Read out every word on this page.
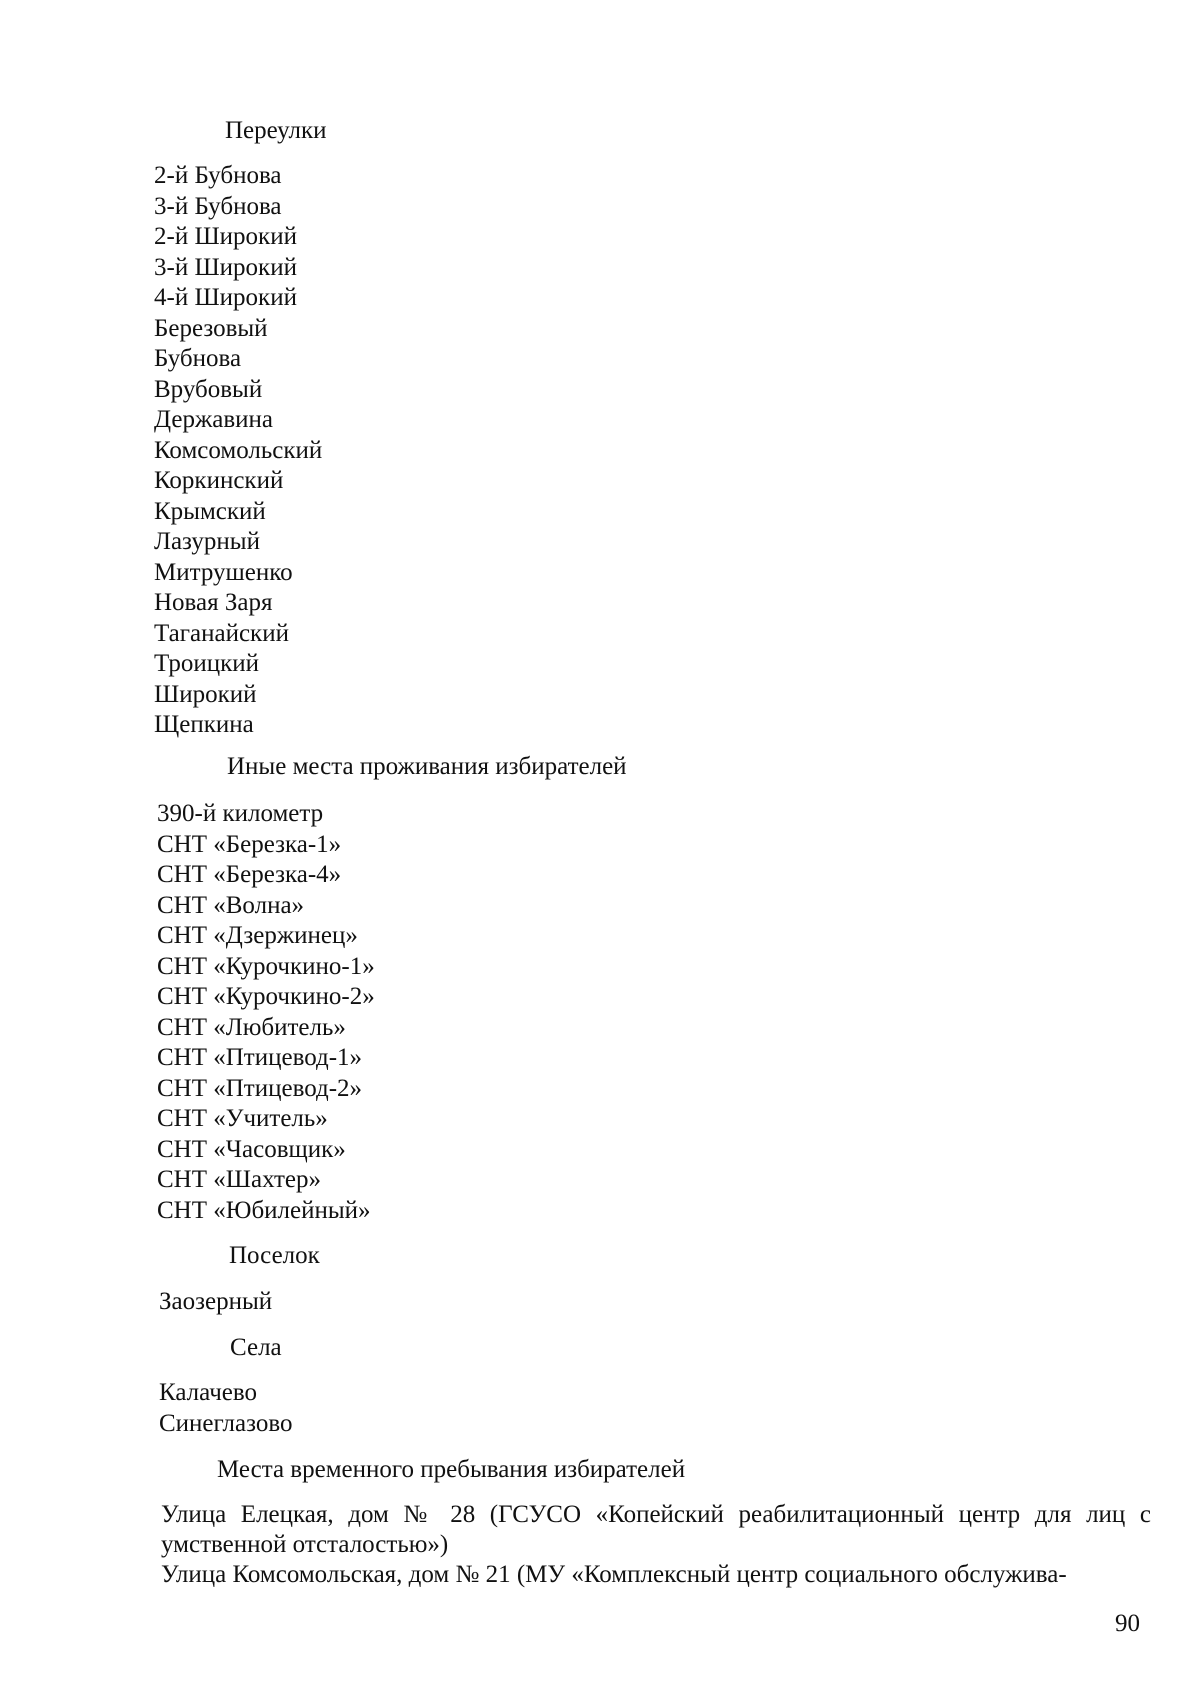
Переулки
2-й Бубнова
3-й Бубнова
2-й Широкий
3-й Широкий
4-й Широкий
Березовый
Бубнова
Врубовый
Державина
Комсомольский
Коркинский
Крымский
Лазурный
Митрушенко
Новая Заря
Таганайский
Троицкий
Широкий
Щепкина
Иные места проживания избирателей
390-й километр
СНТ «Березка-1»
СНТ «Березка-4»
СНТ «Волна»
СНТ «Дзержинец»
СНТ «Курочкино-1»
СНТ «Курочкино-2»
СНТ «Любитель»
СНТ «Птицевод-1»
СНТ «Птицевод-2»
СНТ «Учитель»
СНТ «Часовщик»
СНТ «Шахтер»
СНТ «Юбилейный»
Поселок
Заозерный
Села
Калачево
Синеглазово
Места временного пребывания избирателей

Улица Елецкая, дом № 28 (ГСУСО «Копейский реабилитационный центр для лиц с умственной отсталостью»)

Улица Комсомольская, дом № 21 (МУ «Комплексный центр социального обслужива-

90
